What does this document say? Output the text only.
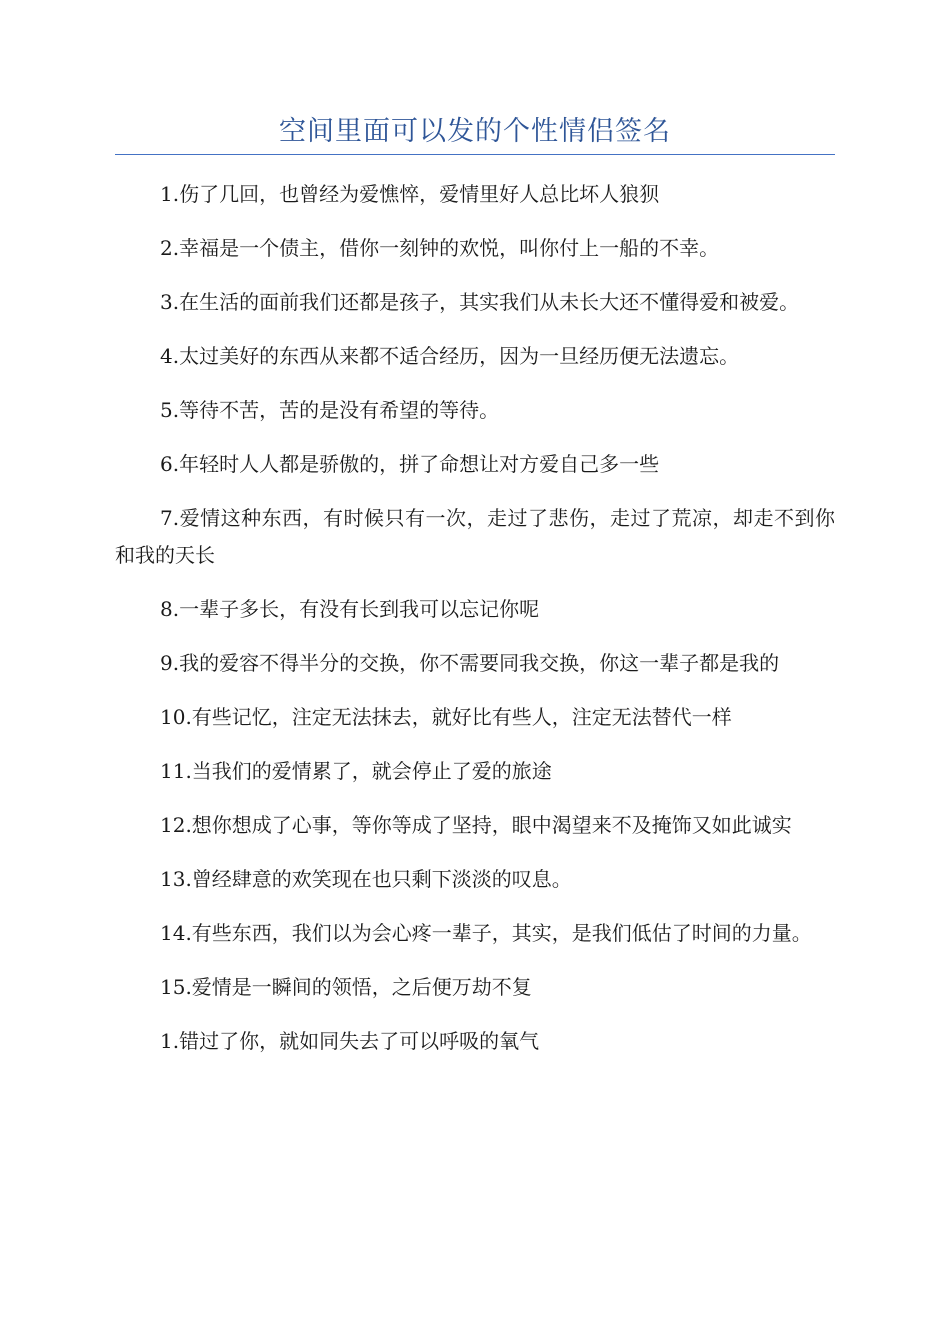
空间里面可以发的个性情侣签名

1.伤了几回，也曾经为爱憔悴，爱情里好人总比坏人狼狈

2.幸福是一个债主，借你一刻钟的欢悦，叫你付上一船的不幸。

3.在生活的面前我们还都是孩子，其实我们从未长大还不懂得爱和被爱。

4.太过美好的东西从来都不适合经历，因为一旦经历便无法遗忘。

5.等待不苦，苦的是没有希望的等待。

6.年轻时人人都是骄傲的，拼了命想让对方爱自己多一些

7.爱情这种东西，有时候只有一次，走过了悲伤，走过了荒凉，却走不到你和我的天长

8.一辈子多长，有没有长到我可以忘记你呢

9.我的爱容不得半分的交换，你不需要同我交换，你这一辈子都是我的

10.有些记忆，注定无法抹去，就好比有些人，注定无法替代一样

11.当我们的爱情累了，就会停止了爱的旅途

12.想你想成了心事，等你等成了坚持，眼中渴望来不及掩饰又如此诚实

13.曾经肆意的欢笑现在也只剩下淡淡的叹息。

14.有些东西，我们以为会心疼一辈子，其实，是我们低估了时间的力量。

15.爱情是一瞬间的领悟，之后便万劫不复

1.错过了你，就如同失去了可以呼吸的氧气
